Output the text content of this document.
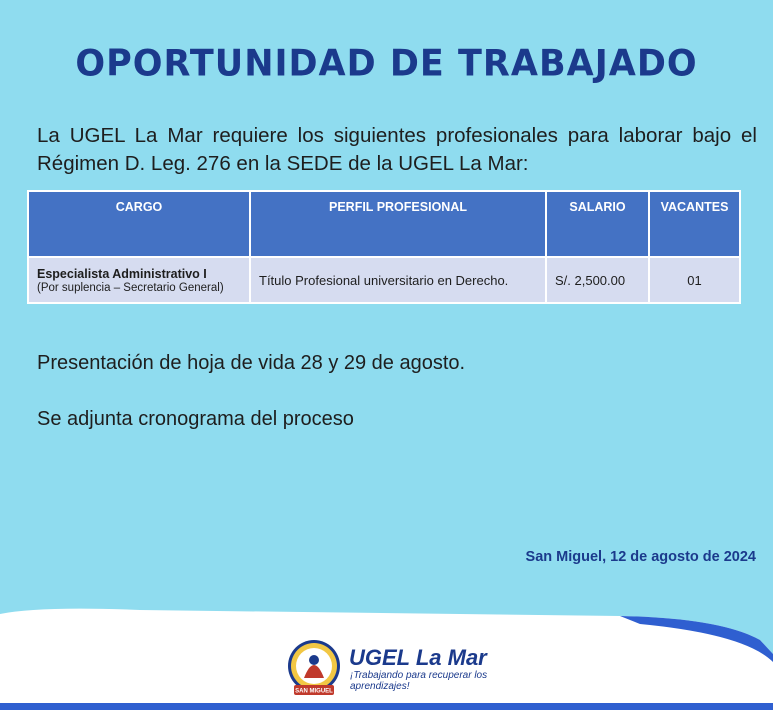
OPORTUNIDAD DE TRABAJADO
La UGEL La Mar requiere los siguientes profesionales para laborar bajo el Régimen D. Leg. 276 en la SEDE de la UGEL La Mar:
CARGO	PERFIL PROFESIONAL	SALARIO	VACANTES

Especialista Administrativo I
(Por suplencia – Secretario General)	Título Profesional universitario en Derecho.	S/. 2,500.00	01
Presentación de hoja de vida 28 y 29 de agosto.
Se adjunta cronograma del proceso
San Miguel, 12 de agosto de 2024
SAN MIGUEL
UGEL La Mar
¡Trabajando para recuperar los aprendizajes!
